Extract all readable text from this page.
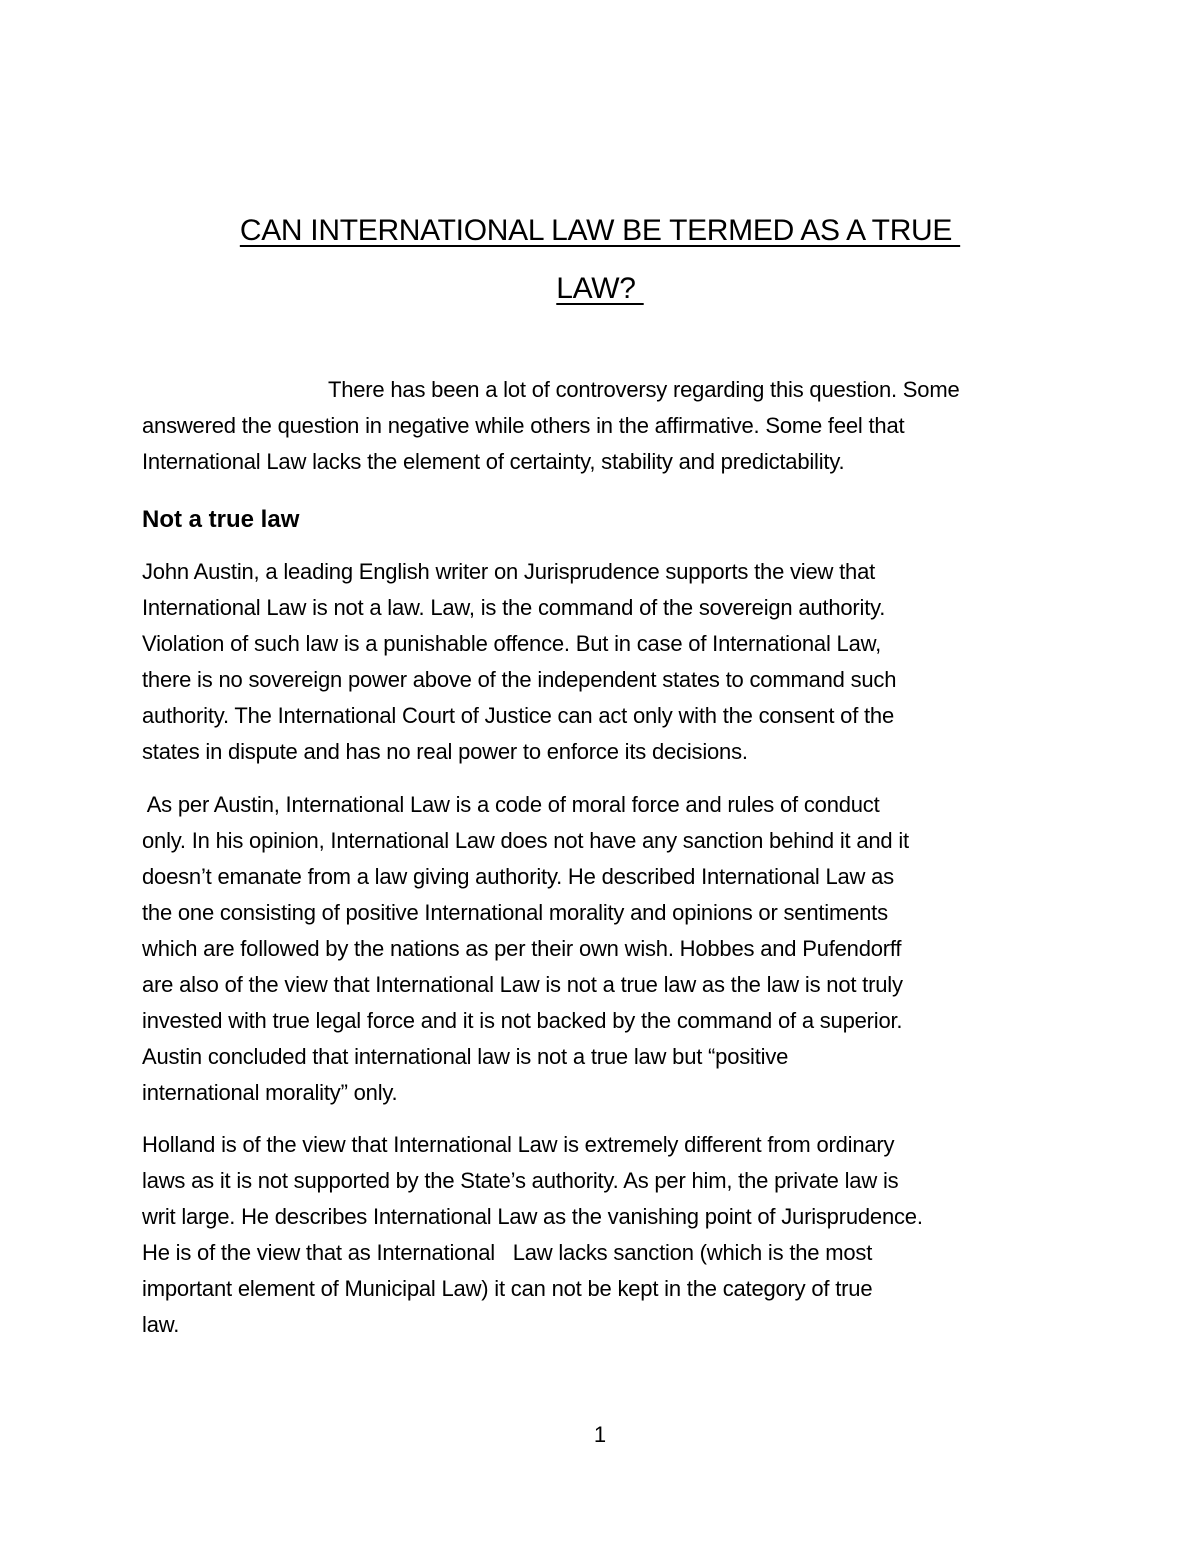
CAN INTERNATIONAL LAW BE TERMED AS A TRUE
LAW?
There has been a lot of controversy regarding this question. Some
answered the question in negative while others in the affirmative. Some feel that
International Law lacks the element of certainty, stability and predictability.
Not a true law
John Austin, a leading English writer on Jurisprudence supports the view that
International Law is not a law. Law, is the command of the sovereign authority.
Violation of such law is a punishable offence. But in case of International Law,
there is no sovereign power above of the independent states to command such
authority. The International Court of Justice can act only with the consent of the
states in dispute and has no real power to enforce its decisions.
As per Austin, International Law is a code of moral force and rules of conduct
only. In his opinion, International Law does not have any sanction behind it and it
doesn’t emanate from a law giving authority. He described International Law as
the one consisting of positive International morality and opinions or sentiments
which are followed by the nations as per their own wish. Hobbes and Pufendorff
are also of the view that International Law is not a true law as the law is not truly
invested with true legal force and it is not backed by the command of a superior.
Austin concluded that international law is not a true law but “positive
international morality” only.
Holland is of the view that International Law is extremely different from ordinary
laws as it is not supported by the State’s authority. As per him, the private law is
writ large. He describes International Law as the vanishing point of Jurisprudence.
He is of the view that as International   Law lacks sanction (which is the most
important element of Municipal Law) it can not be kept in the category of true
law.
1
